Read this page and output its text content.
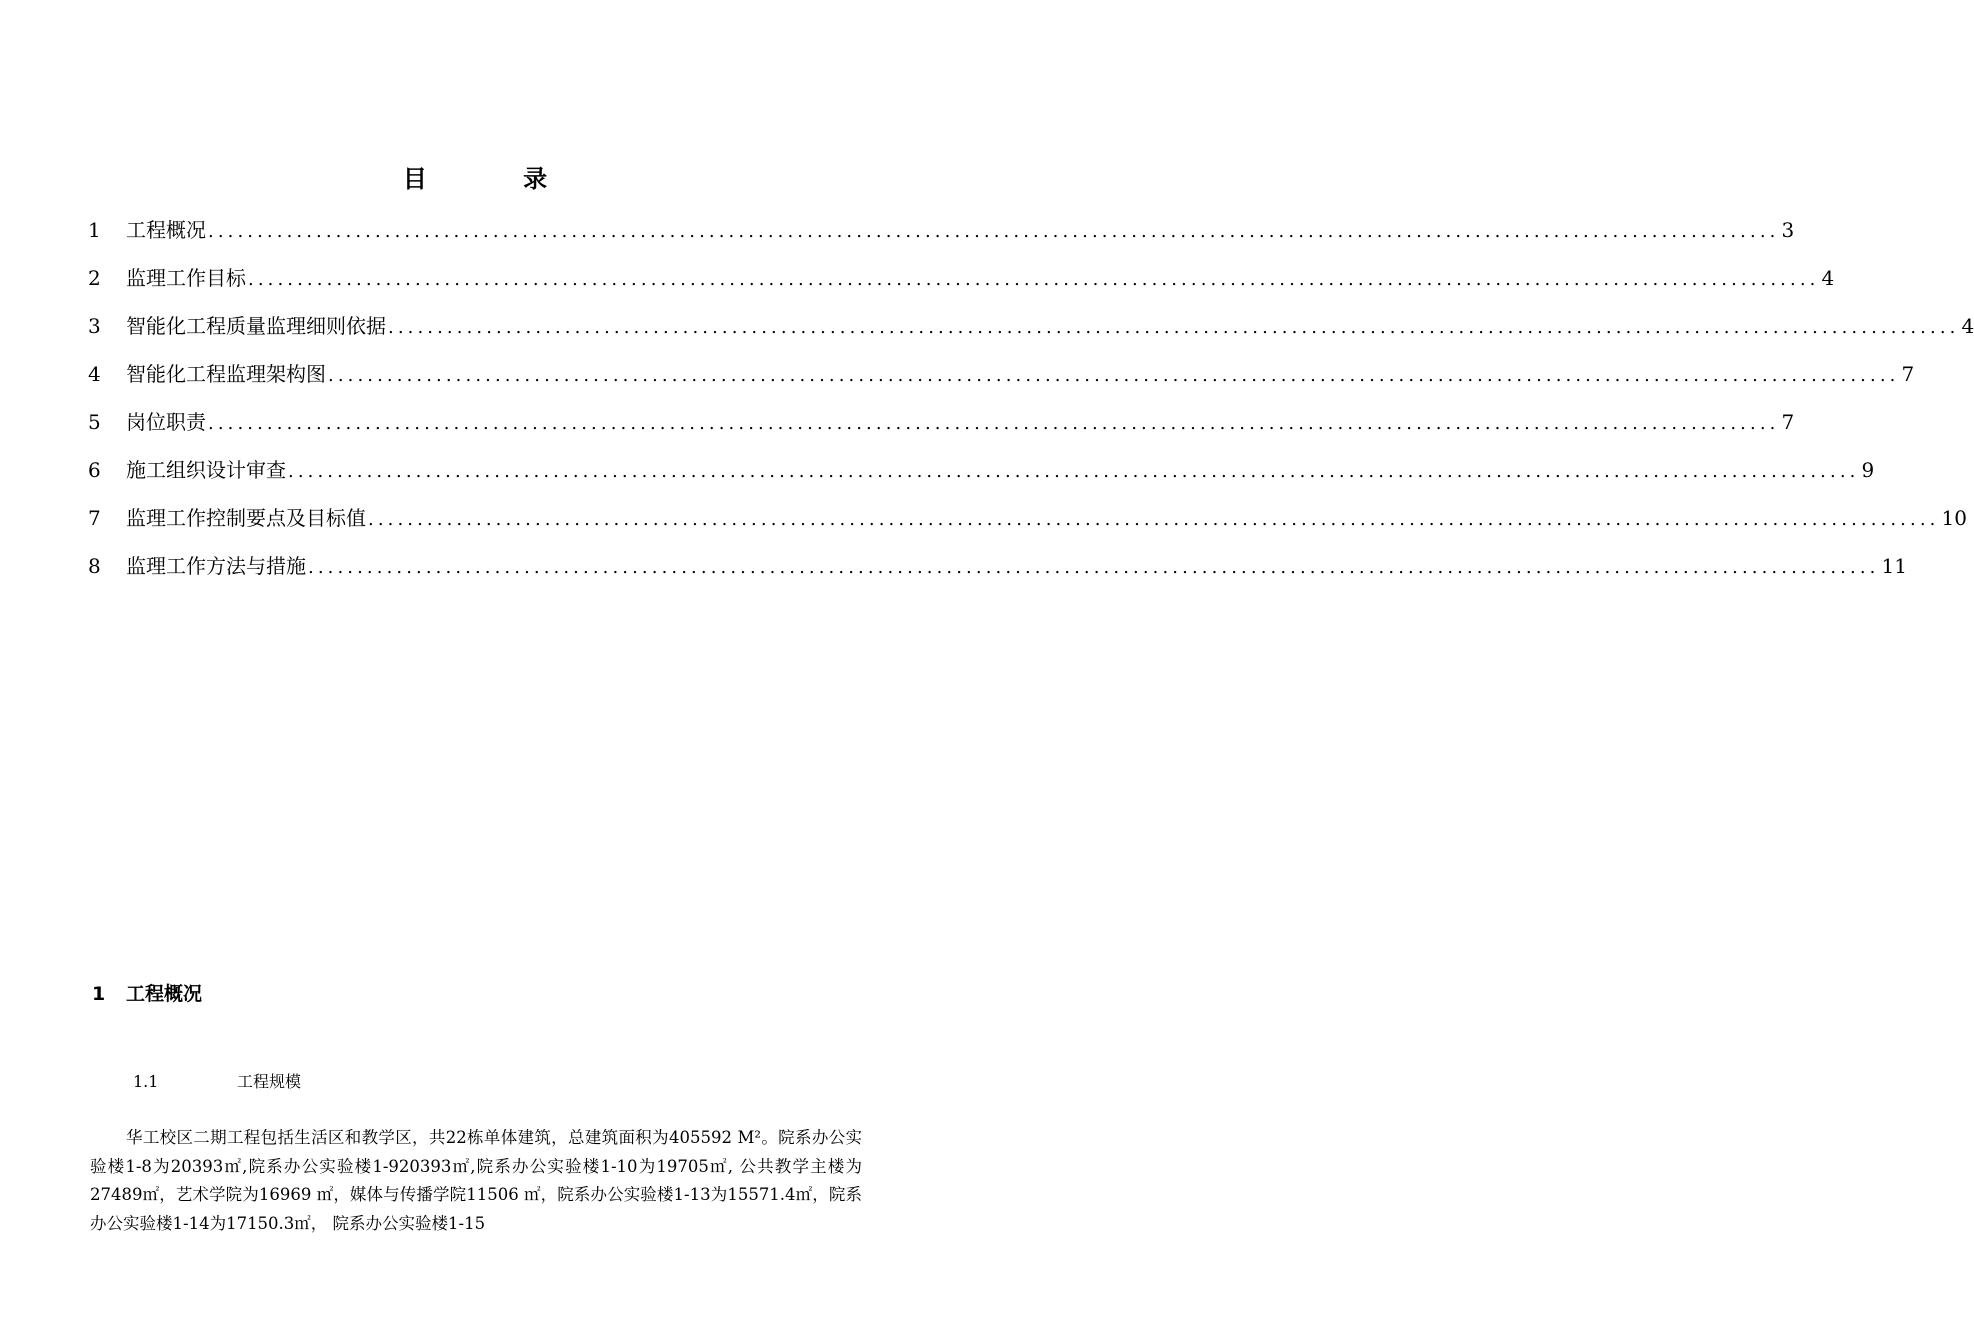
目 录
1	工程概况 ................................................................................................................................................................ 3
2	监理工作目标 ................................................................................................................................................................ 4
3	智能化工程质量监理细则依据 ................................................................................................................................................................ 4
4	智能化工程监理架构图 ................................................................................................................................................................ 7
5	岗位职责 ................................................................................................................................................................ 7
6	施工组织设计审查 ................................................................................................................................................................ 9
7	监理工作控制要点及目标值 ................................................................................................................................................................ 10
8	监理工作方法与措施 ................................................................................................................................................................ 11
1 工程概况
1.1	工程规模

华工校区二期工程包括生活区和教学区，共22栋单体建筑，总建筑面积为405592 M²。院系办公实验楼1-8为20393㎡,院系办公实验楼1-920393㎡,院系办公实验楼1-10为19705㎡, 公共教学主楼为27489㎡，艺术学院为16969 ㎡，媒体与传播学院11506 ㎡，院系办公实验楼1-13为15571.4㎡，院系办公实验楼1-14为17150.3㎡， 院系办公实验楼1-15
